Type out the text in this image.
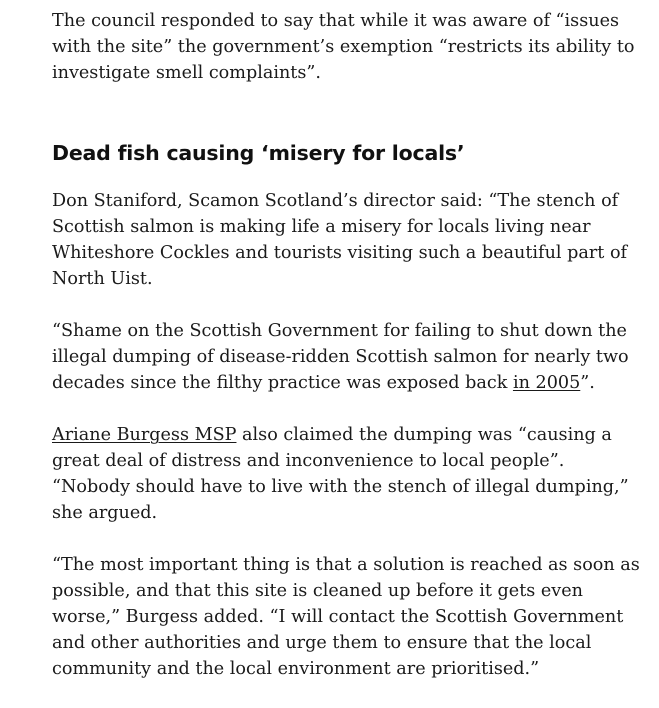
The council responded to say that while it was aware of “issues with the site” the government’s exemption “restricts its ability to investigate smell complaints”.

Dead fish causing ‘misery for locals’

Don Staniford, Scamon Scotland’s director said: “The stench of Scottish salmon is making life a misery for locals living near Whiteshore Cockles and tourists visiting such a beautiful part of North Uist.

“Shame on the Scottish Government for failing to shut down the illegal dumping of disease-ridden Scottish salmon for nearly two decades since the filthy practice was exposed back in 2005”.

Ariane Burgess MSP also claimed the dumping was “causing a great deal of distress and inconvenience to local people”. “Nobody should have to live with the stench of illegal dumping,” she argued.

“The most important thing is that a solution is reached as soon as possible, and that this site is cleaned up before it gets even worse,” Burgess added. “I will contact the Scottish Government and other authorities and urge them to ensure that the local community and the local environment are prioritised.”
